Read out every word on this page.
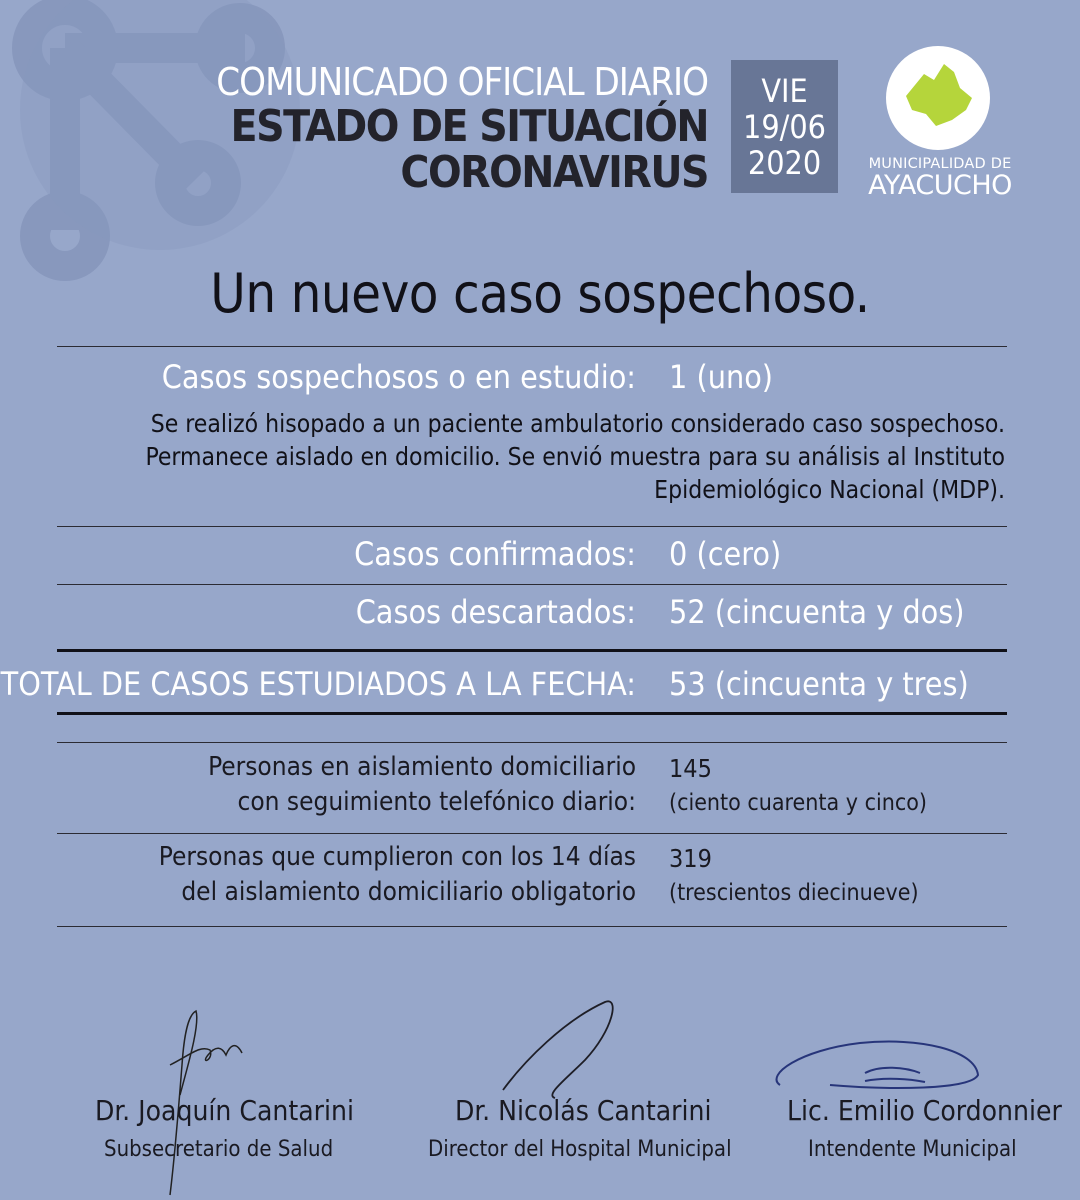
COMUNICADO OFICIAL DIARIO
ESTADO DE SITUACIÓN
CORONAVIRUS
VIE
19/06
2020	MUNICIPALIDAD DE
AYACUCHO
Un nuevo caso sospechoso.
Casos sospechosos o en estudio: 1 (uno)
Se realizó hisopado a un paciente ambulatorio considerado caso sospechoso.
Permanece aislado en domicilio. Se envió muestra para su análisis al Instituto
Epidemiológico Nacional (MDP).
Casos confirmados: 0 (cero)
Casos descartados: 52 (cincuenta y dos)
TOTAL DE CASOS ESTUDIADOS A LA FECHA: 53 (cincuenta y tres)
Personas en aislamiento domiciliario
con seguimiento telefónico diario:
145
(ciento cuarenta y cinco)
Personas que cumplieron con los 14 días
del aislamiento domiciliario obligatorio
319
(trescientos diecinueve)
Dr. Joaquín Cantarini
Subsecretario de Salud
Dr. Nicolás Cantarini
Director del Hospital Municipal
Lic. Emilio Cordonnier
Intendente Municipal
